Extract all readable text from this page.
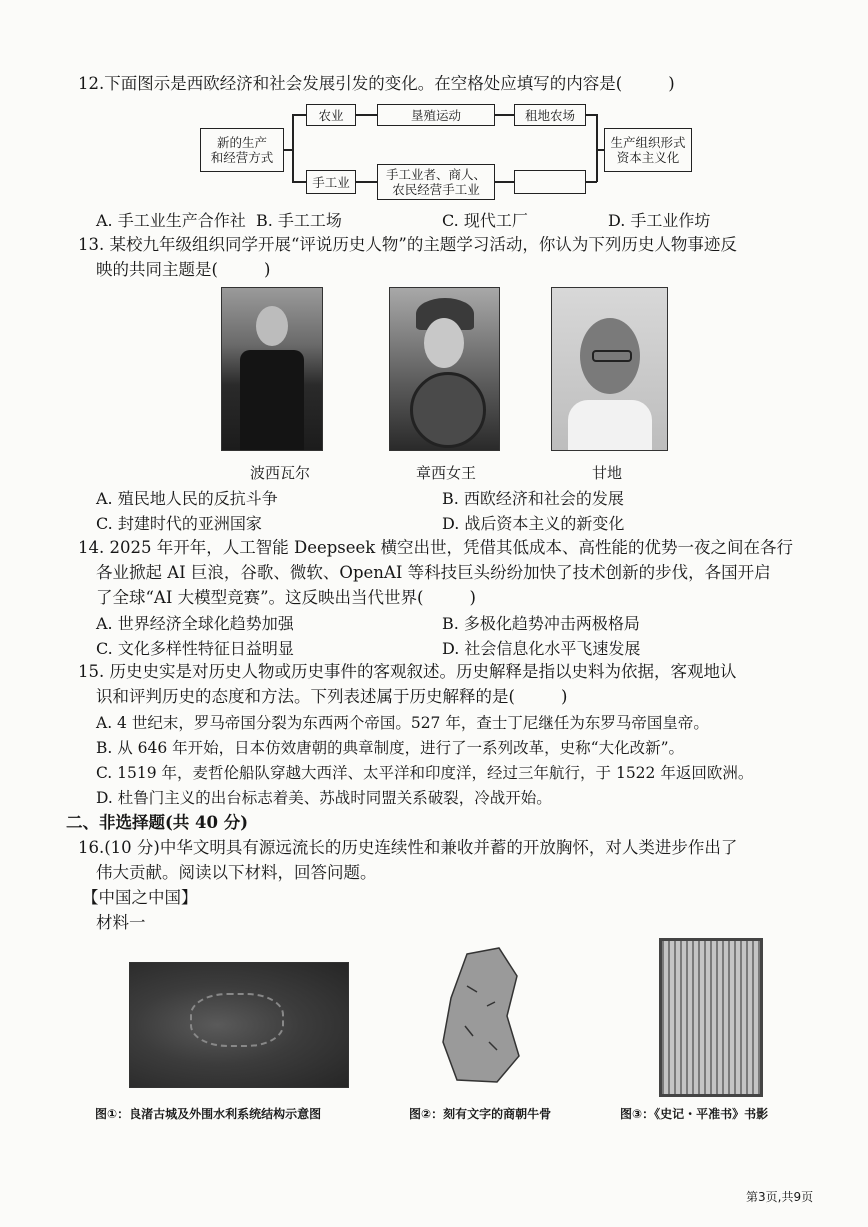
12.下面图示是西欧经济和社会发展引发的变化。在空格处应填写的内容是(	)
新的生产
和经营方式
农业	垦殖运动	租地农场
手工业	手工业者、商人、
农民经营手工业
生产组织形式
资本主义化
A. 手工业生产合作社 B. 手工工场	C. 现代工厂	D. 手工业作坊
13. 某校九年级组织同学开展“评说历史人物”的主题学习活动，你认为下列历史人物事迹反
映的共同主题是(	)
波西瓦尔	章西女王	甘地
A. 殖民地人民的反抗斗争	B. 西欧经济和社会的发展
C. 封建时代的亚洲国家	D. 战后资本主义的新变化
14. 2025 年开年，人工智能 Deepseek 横空出世，凭借其低成本、高性能的优势一夜之间在各行
各业掀起 AI 巨浪，谷歌、微软、OpenAI 等科技巨头纷纷加快了技术创新的步伐，各国开启
了全球“AI 大模型竞赛”。这反映出当代世界(	)
A. 世界经济全球化趋势加强	B. 多极化趋势冲击两极格局
C. 文化多样性特征日益明显	D. 社会信息化水平飞速发展
15. 历史史实是对历史人物或历史事件的客观叙述。历史解释是指以史料为依据，客观地认
识和评判历史的态度和方法。下列表述属于历史解释的是(	)
A. 4 世纪末，罗马帝国分裂为东西两个帝国。527 年，查士丁尼继任为东罗马帝国皇帝。
B. 从 646 年开始，日本仿效唐朝的典章制度，进行了一系列改革，史称“大化改新”。
C. 1519 年，麦哲伦船队穿越大西洋、太平洋和印度洋，经过三年航行，于 1522 年返回欧洲。
D. 杜鲁门主义的出台标志着美、苏战时同盟关系破裂，冷战开始。
二、非选择题(共 40 分)
16.(10 分)中华文明具有源远流长的历史连续性和兼收并蓄的开放胸怀，对人类进步作出了
伟大贡献。阅读以下材料，回答问题。
【中国之中国】
材料一
图①：良渚古城及外围水利系统结构示意图	图②：刻有文字的商朝牛骨	图③：《史记・平准书》书影
第3页,共9页
